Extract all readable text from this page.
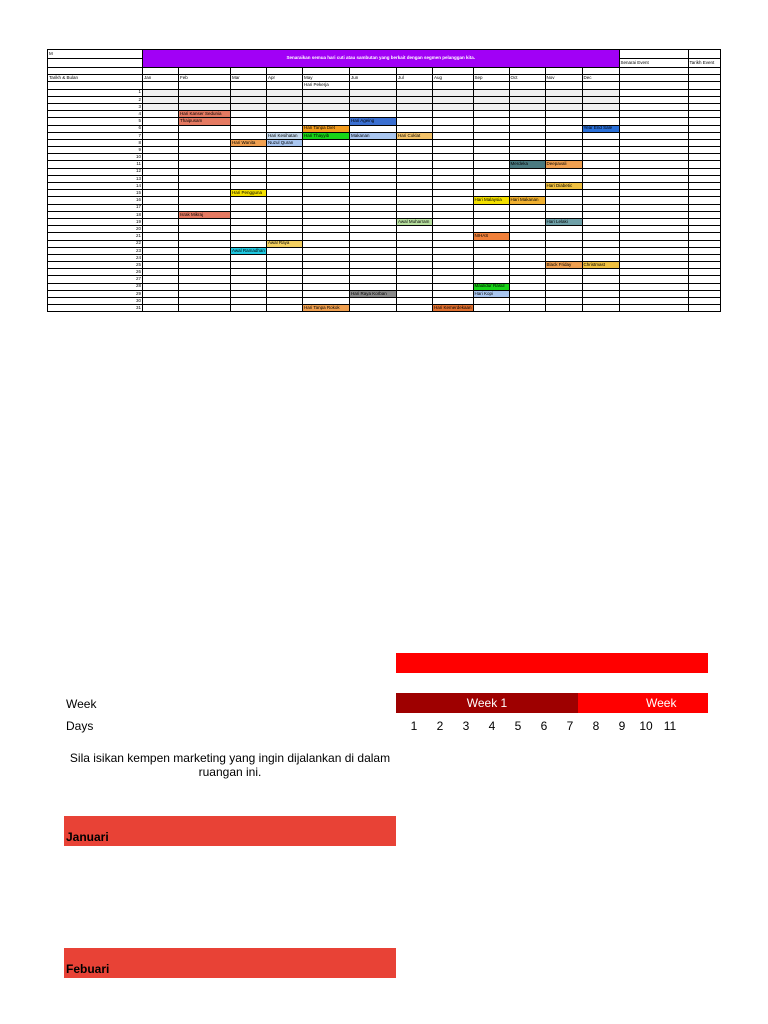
M	Senaraikan semua hari cuti atau sambutan yang berkait dengan segmen pelanggan kita.													
													Senarai Event	Tarikh Event

Tarikh & Bulan	Jan	Feb	Mar	Apr	May	Jun	Jul	Aug	Sep	Oct	Nov	Dec		
					Hari Pekerja									
1														
2														
3														
4		Hari Kanser Sedunia												
5		Thaipusam				Hari Ageing								
6					Hari Tanpa Diet							Year End Sale		
7				Hari Kesihatan	Hari Thayyib	Makanan	Hari Coklat							
8			Hari Wanita	Nuzul Quran										
9														
10														
11										Merdeka	Deepavali			
12														
13														
14											Hari Diabetic			
15			Hari Pengguna											
16									Hari Malaysia	Hari Makanan				
17														
18		Israk Mikraj												
19							Awal Muharram				Hari Lelaki			
20														
21									NIHAS					
22				Awal Raya										
23			Awal Ramadhan											
24														
25											Black Friday	Christmast		
26														
27														
28									Maulidur Rasul					
29						Hari Raya Korban			Hari Kopi					
30														
31					Hari Tanpa Rokok			Hari Kemerdekaan						
Week
Days
Week 1	Week
1	2	3	4	5	6	7	8	9	10 11
Sila isikan kempen marketing yang ingin dijalankan di dalam ruangan ini.
Januari
Febuari
